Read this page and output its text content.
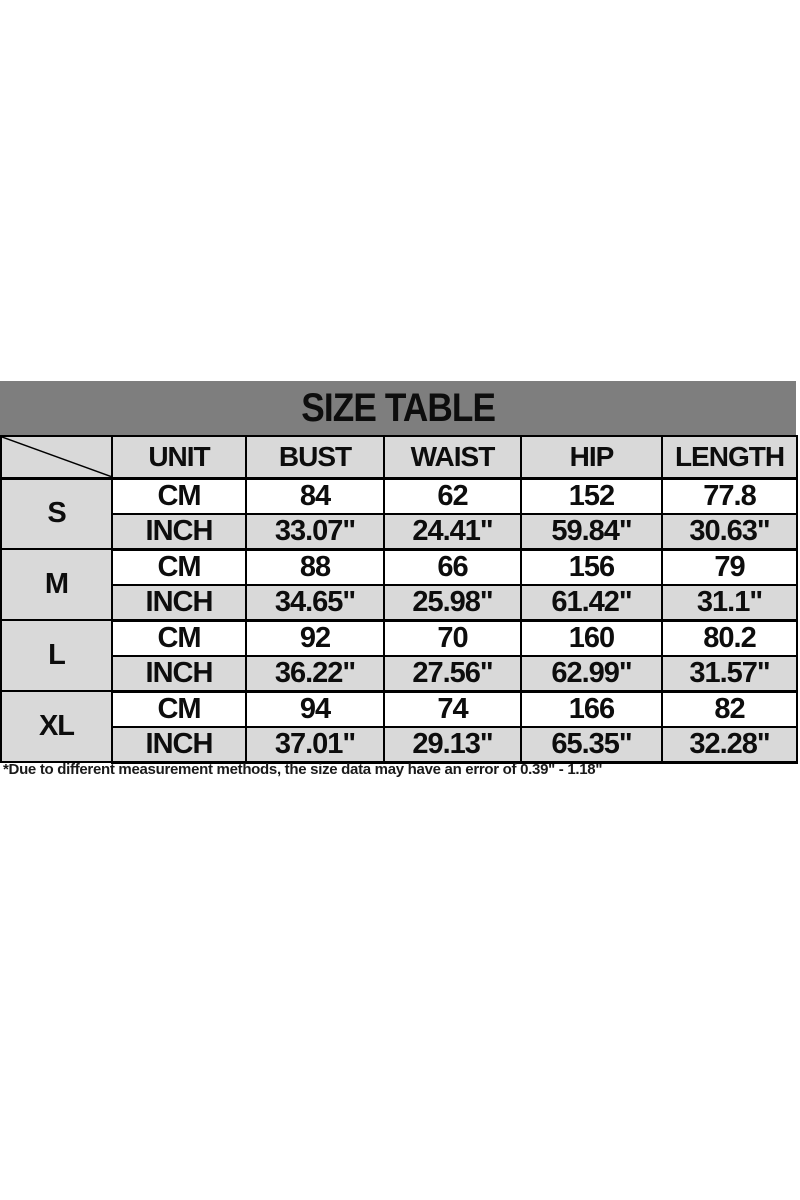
SIZE TABLE
	UNIT	BUST	WAIST	HIP	LENGTH
S	CM	84	62	152	77.8
	INCH	33.07"	24.41"	59.84"	30.63"
M	CM	88	66	156	79
	INCH	34.65"	25.98"	61.42"	31.1"
L	CM	92	70	160	80.2
	INCH	36.22"	27.56"	62.99"	31.57"
XL	CM	94	74	166	82
	INCH	37.01"	29.13"	65.35"	32.28"
*Due to different measurement methods, the size data may have an error of 0.39" - 1.18"
